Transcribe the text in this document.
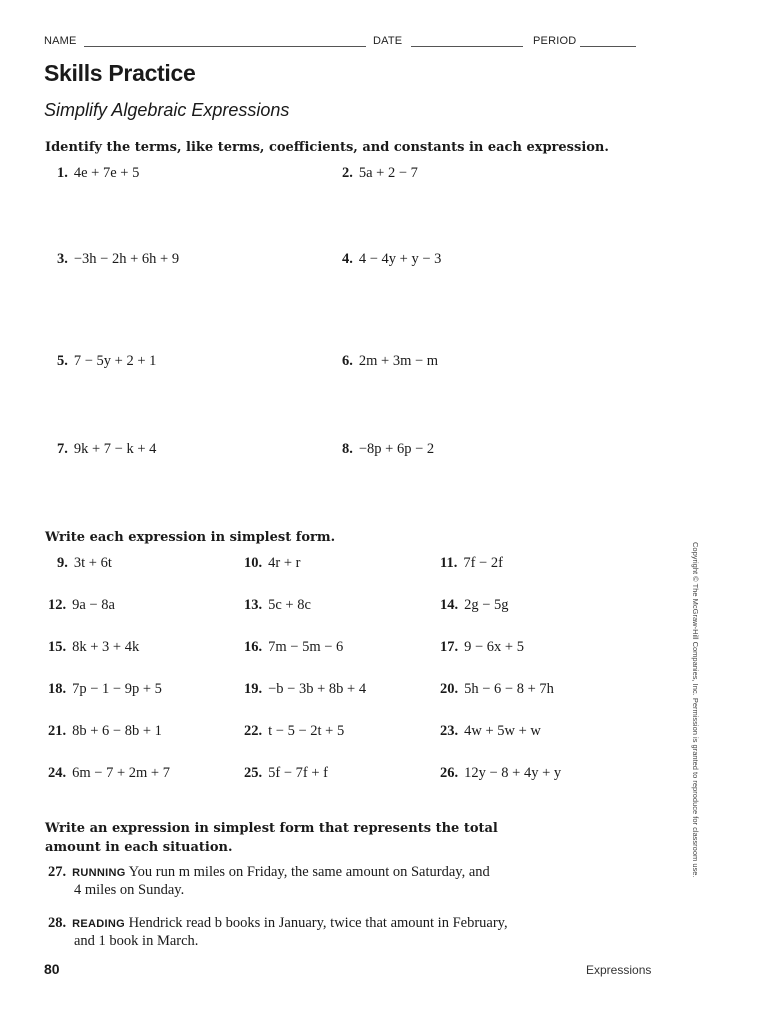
NAME	DATE	PERIOD
Skills Practice
Simplify Algebraic Expressions
Identify the terms, like terms, coefficients, and constants in each expression.
1. 4e + 7e + 5	2. 5a + 2 − 7
3. −3h − 2h + 6h + 9	4. 4 − 4y + y − 3
5. 7 − 5y + 2 + 1	6. 2m + 3m − m
7. 9k + 7 − k + 4	8. −8p + 6p − 2
Write each expression in simplest form.
9. 3t + 6t	10. 4r + r	11. 7f − 2f
12. 9a − 8a	13. 5c + 8c	14. 2g − 5g
15. 8k + 3 + 4k	16. 7m − 5m − 6	17. 9 − 6x + 5
18. 7p − 1 − 9p + 5	19. −b − 3b + 8b + 4	20. 5h − 6 − 8 + 7h
21. 8b + 6 − 8b + 1	22. t − 5 − 2t + 5	23. 4w + 5w + w
24. 6m − 7 + 2m + 7	25. 5f − 7f + f	26. 12y − 8 + 4y + y
Write an expression in simplest form that represents the total
amount in each situation.
27. RUNNING You run m miles on Friday, the same amount on Saturday, and
4 miles on Sunday.
28. READING Hendrick read b books in January, twice that amount in February,
and 1 book in March.
80	Expressions
Copyright © The McGraw-Hill Companies, Inc. Permission is granted to reproduce for classroom use.
